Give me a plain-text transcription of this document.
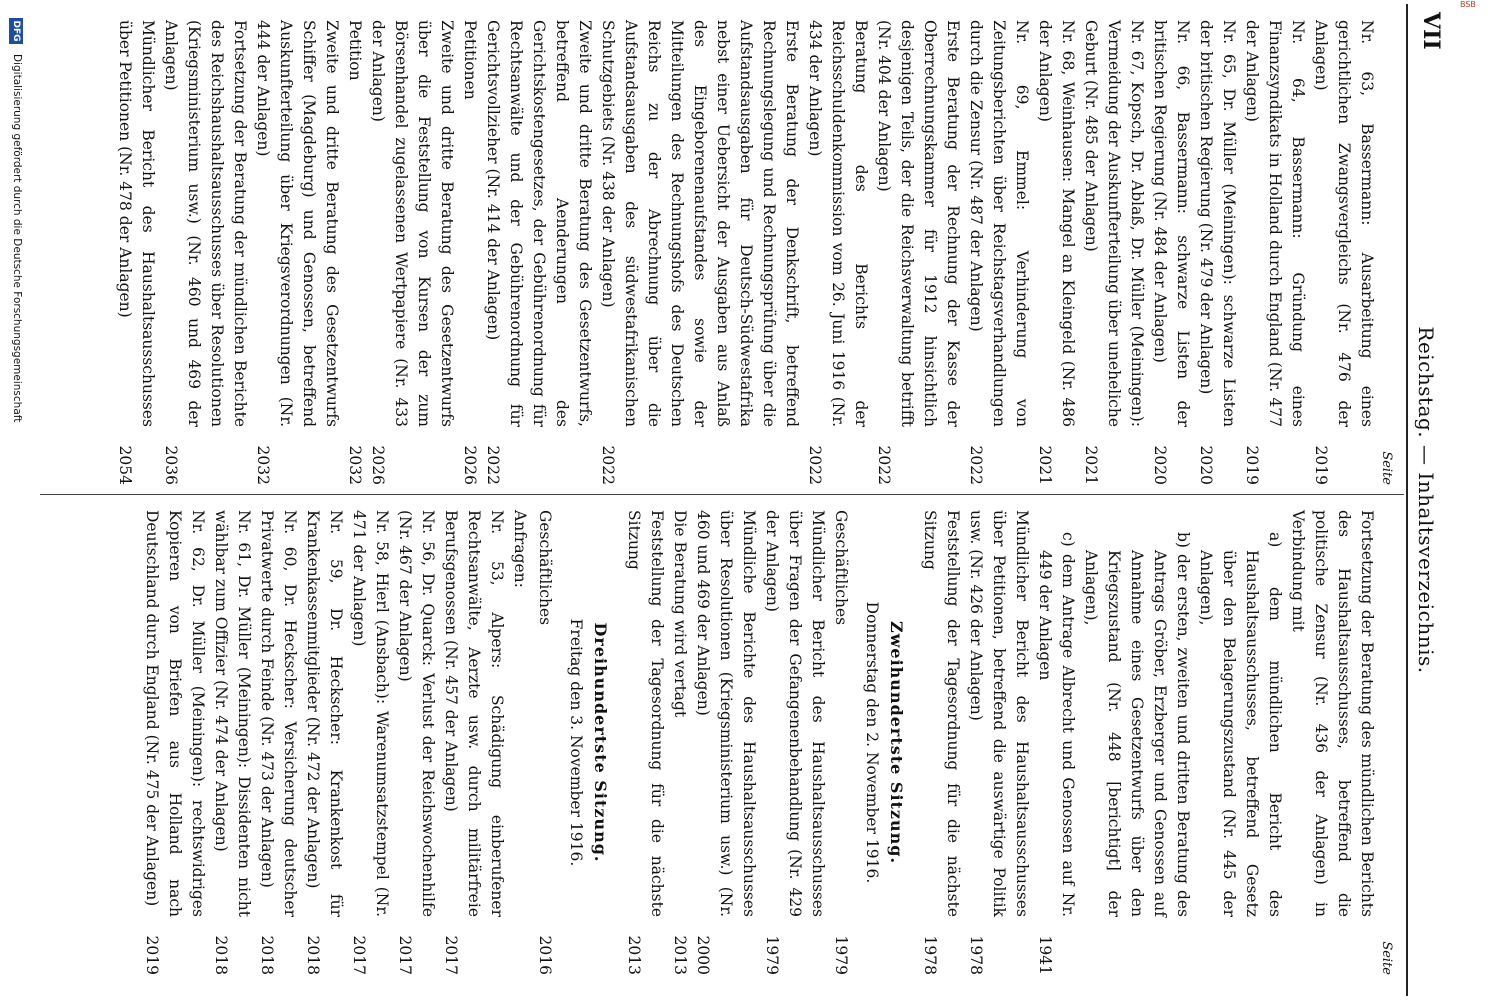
BSB
VII
Reichstag. — Inhaltsverzeichnis.
Seite
Nr. 63, Bassermann: Ausarbeitung eines gerichtlichen Zwangsvergleichs (Nr. 476 der Anlagen)
2019
Nr. 64, Bassermann: Gründung eines Finanzsyndikats in Holland durch England (Nr. 477 der Anlagen)
2019
Nr. 65, Dr. Müller (Meiningen): schwarze Listen der britischen Regierung (Nr. 479 der Anlagen)
2020
Nr. 66, Bassermann: schwarze Listen der britischen Regierung (Nr. 484 der Anlagen)
2020
Nr. 67, Kopsch, Dr. Ablaß, Dr. Müller (Meiningen): Vermeidung der Auskunfterteilung über uneheliche Geburt (Nr. 485 der Anlagen)
2021
Nr. 68, Weinhausen: Mangel an Kleingeld (Nr. 486 der Anlagen)
2021
Nr. 69, Emmel: Verhinderung von Zeitungsberichten über Reichstagsverhandlungen durch die Zensur (Nr. 487 der Anlagen)
2022
Erste Beratung der Rechnung der Kasse der Oberrechnungskammer für 1912 hinsichtlich desjenigen Teils, der die Reichsverwaltung betrifft (Nr. 404 der Anlagen)
2022
Beratung des Berichts der Reichsschuldenkommission vom 26. Juni 1916 (Nr. 434 der Anlagen)
2022
Erste Beratung der Denkschrift, betreffend Rechnungslegung und Rechnungsprüfung über die Aufstandsausgaben für Deutsch-Südwestafrika nebst einer Uebersicht der Ausgaben aus Anlaß des Eingeborenenaufstandes sowie der Mitteilungen des Rechnungshofs des Deutschen Reichs zu der Abrechnung über die Aufstandsausgaben des südwestafrikanischen Schutzgebiets (Nr. 438 der Anlagen)
2022
Zweite und dritte Beratung des Gesetzentwurfs, betreffend Aenderungen des Gerichtskostengesetzes, der Gebührenordnung für Rechtsanwälte und der Gebührenordnung für Gerichtsvollzieher (Nr. 414 der Anlagen)
2022
Petitionen
2026
Zweite und dritte Beratung des Gesetzentwurfs über die Feststellung von Kursen der zum Börsenhandel zugelassenen Wertpapiere (Nr. 433 der Anlagen)
2026
Petition
2032
Zweite und dritte Beratung des Gesetzentwurfs Schiffer (Magdeburg) und Genossen, betreffend Auskunfterteilung über Kriegsverordnungen (Nr. 444 der Anlagen)
2032
Fortsetzung der Beratung der mündlichen Berichte des Reichshaushaltsausschusses über Resolutionen (Kriegsministerium usw.) (Nr. 460 und 469 der Anlagen)
2036
Mündlicher Bericht des Haushaltsausschusses über Petitionen (Nr. 478 der Anlagen)
2054
Seite
Fortsetzung der Beratung des mündlichen Berichts des Haushaltsausschusses, betreffend die politische Zensur (Nr. 436 der Anlagen) in Verbindung mit
a) dem mündlichen Bericht des Haushaltsausschusses, betreffend Gesetz über den Belagerungszustand (Nr. 445 der Anlagen),
b) der ersten, zweiten und dritten Beratung des Antrags Gröber, Erzberger und Genossen auf Annahme eines Gesetzentwurfs über den Kriegszustand (Nr. 448 [berichtigt] der Anlagen),
c) dem Antrage Albrecht und Genossen auf Nr. 449 der Anlagen
1941
Mündlicher Bericht des Haushaltsausschusses über Petitionen, betreffend die auswärtige Politik usw. (Nr. 426 der Anlagen)
1978
Feststellung der Tagesordnung für die nächste Sitzung
1978
Zweihundertste Sitzung.
Donnerstag den 2. November 1916.
Geschäftliches
1979
Mündlicher Bericht des Haushaltsausschusses über Fragen der Gefangenenbehandlung (Nr. 429 der Anlagen)
1979
Mündliche Berichte des Haushaltsausschusses über Resolutionen (Kriegsministerium usw.) (Nr. 460 und 469 der Anlagen)
2000
Die Beratung wird vertagt
2013
Feststellung der Tagesordnung für die nächste Sitzung
2013
Dreihundertste Sitzung.
Freitag den 3. November 1916.
Geschäftliches
2016
Anfragen:
Nr. 53, Alpers: Schädigung einberufener Rechtsanwälte, Aerzte usw. durch militärfreie Berufsgenossen (Nr. 457 der Anlagen)
2017
Nr. 56, Dr. Quarck: Verlust der Reichswochenhilfe (Nr. 467 der Anlagen)
2017
Nr. 58, Hierl (Ansbach): Warenumsatzstempel (Nr. 471 der Anlagen)
2017
Nr. 59, Dr. Heckscher: Krankenkost für Krankenkassenmitglieder (Nr. 472 der Anlagen)
2018
Nr. 60, Dr. Heckscher: Versicherung deutscher Privatwerte durch Feinde (Nr. 473 der Anlagen)
2018
Nr. 61, Dr. Müller (Meiningen): Dissidenten nicht wählbar zum Offizier (Nr. 474 der Anlagen)
2018
Nr. 62, Dr. Müller (Meiningen): rechtswidriges Kopieren von Briefen aus Holland nach Deutschland durch England (Nr. 475 der Anlagen)
2019
DFG
Digitalisierung gefördert durch die Deutsche Forschungsgemeinschaft
